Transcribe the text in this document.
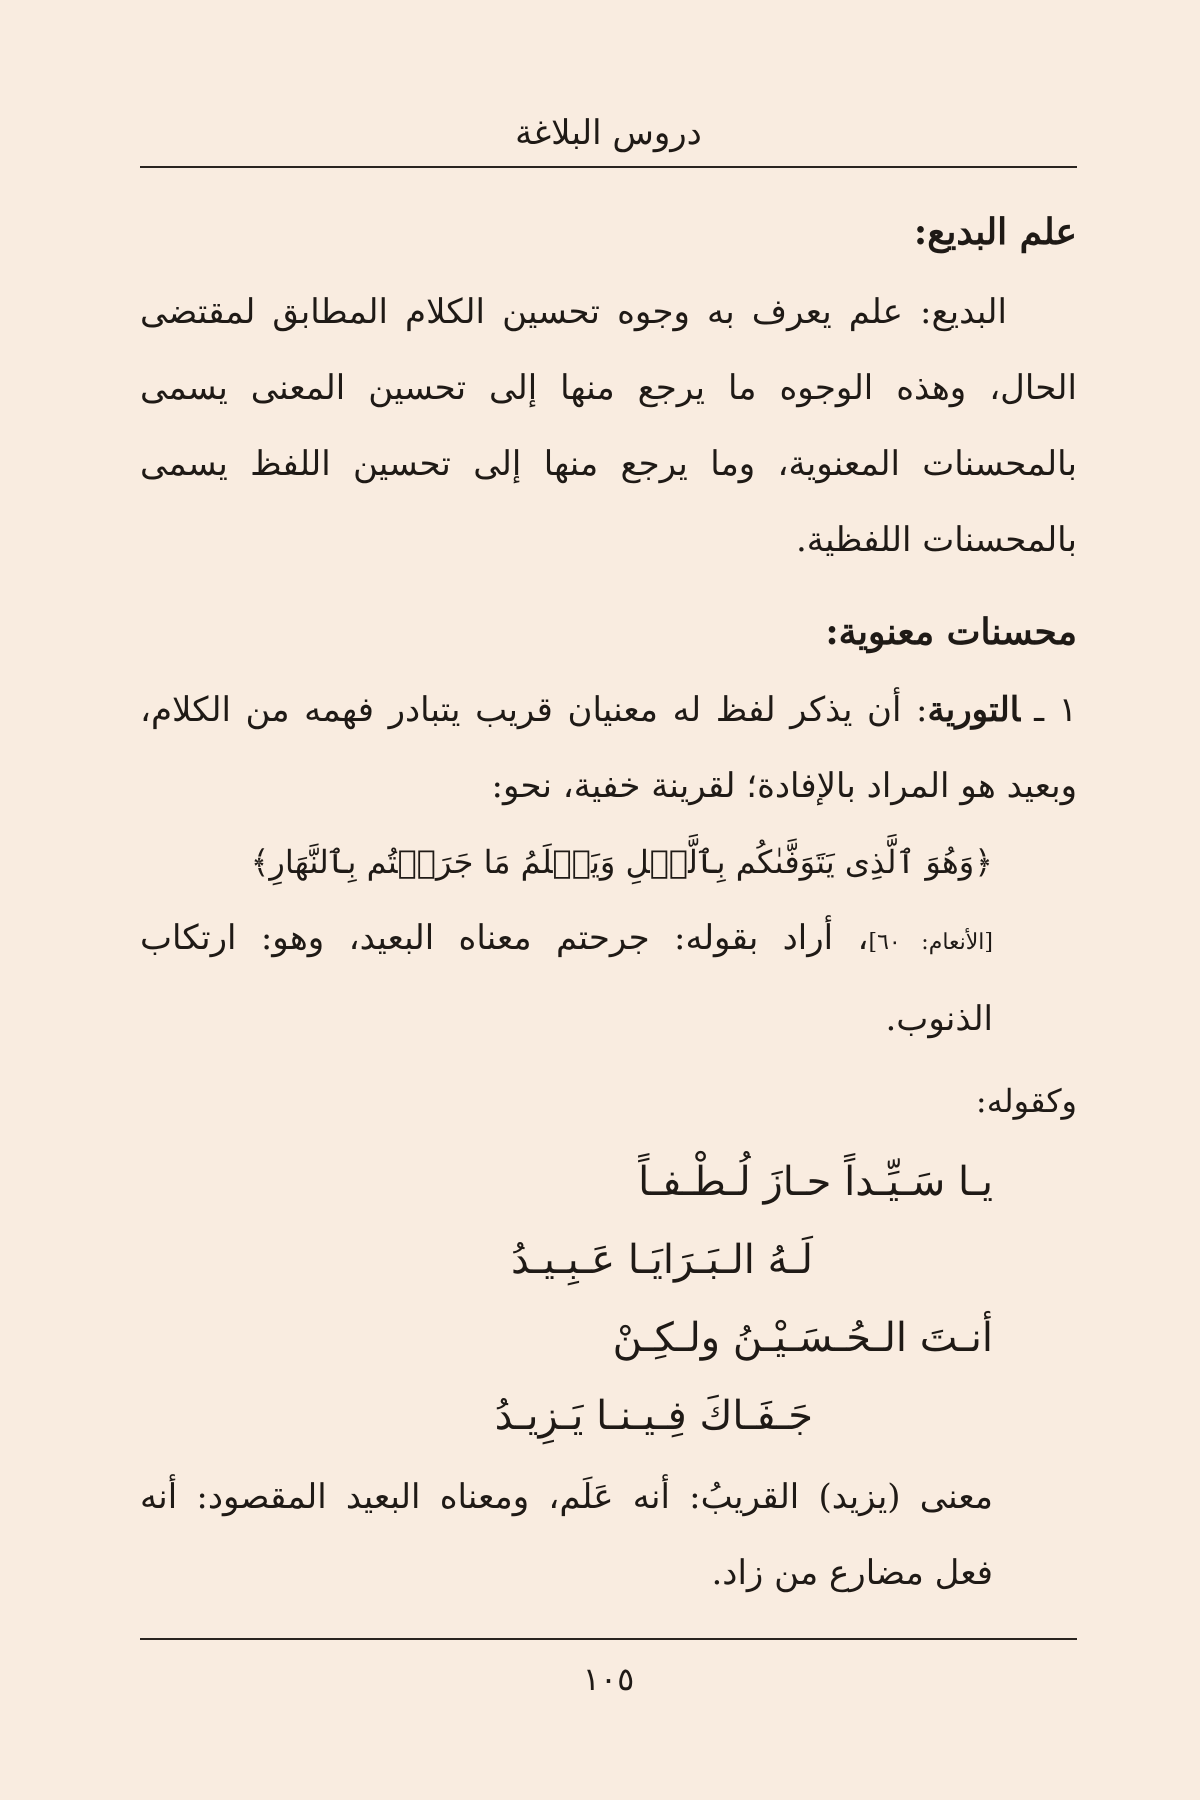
دروس البلاغة
علم البديع:

البديع: علم يعرف به وجوه تحسين الكلام المطابق لمقتضى الحال، وهذه الوجوه ما يرجع منها إلى تحسين المعنى يسمى بالمحسنات المعنوية، وما يرجع منها إلى تحسين اللفظ يسمى بالمحسنات اللفظية.

محسنات معنوية:
١ ـالتورية: أن يذكر لفظ له معنيان قريب يتبادر فهمه من الكلام، وبعيد هو المراد بالإفادة؛ لقرينة خفية، نحو:
﴿وَهُوَ ٱلَّذِى يَتَوَفَّىٰكُم بِٱلَّيۡلِ وَيَعۡلَمُ مَا جَرَحۡتُم بِٱلنَّهَارِ﴾
[الأنعام: ٦٠]، أراد بقوله: جرحتم معناه البعيد، وهو: ارتكاب الذنوب.

وكقوله:

يـا سَـيِّـداً حـازَ لُـطْـفـاً
لَـهُ الـبَـرَايَـا عَـبِـيـدُ
أنـتَ الـحُـسَـيْـنُ ولـكِـنْ
جَـفَـاكَ فِـيـنـا يَـزِيـدُ

معنى (يزيد) القريبُ: أنه عَلَم، ومعناه البعيد المقصود: أنه فعل مضارع من زاد.

١٠٥
